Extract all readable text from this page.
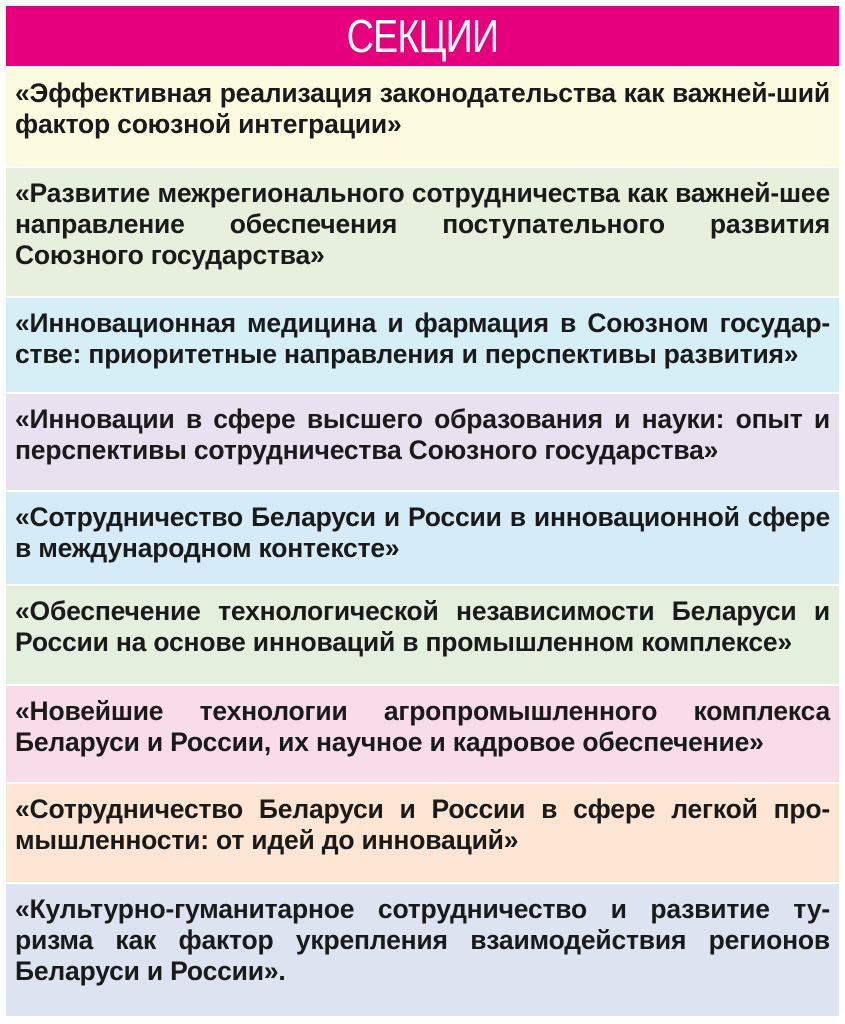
СЕКЦИИ

«Эффективная реализация законодательства как важней-ший фактор союзной интеграции»

«Развитие межрегионального сотрудничества как важней-шее направление обеспечения поступательного развития Союзного государства»

«Инновационная медицина и фармация в Союзном государ-стве: приоритетные направления и перспективы развития»

«Инновации в сфере высшего образования и науки: опыт и перспективы сотрудничества Союзного государства»

«Сотрудничество Беларуси и России в инновационной сфере в международном контексте»

«Обеспечение технологической независимости Беларуси и России на основе инноваций в промышленном комплексе»

«Новейшие технологии агропромышленного комплекса Беларуси и России, их научное и кадровое обеспечение»

«Сотрудничество Беларуси и России в сфере легкой про-мышленности: от идей до инноваций»

«Культурно-гуманитарное сотрудничество и развитие ту-ризма как фактор укрепления взаимодействия регионов Беларуси и России».
